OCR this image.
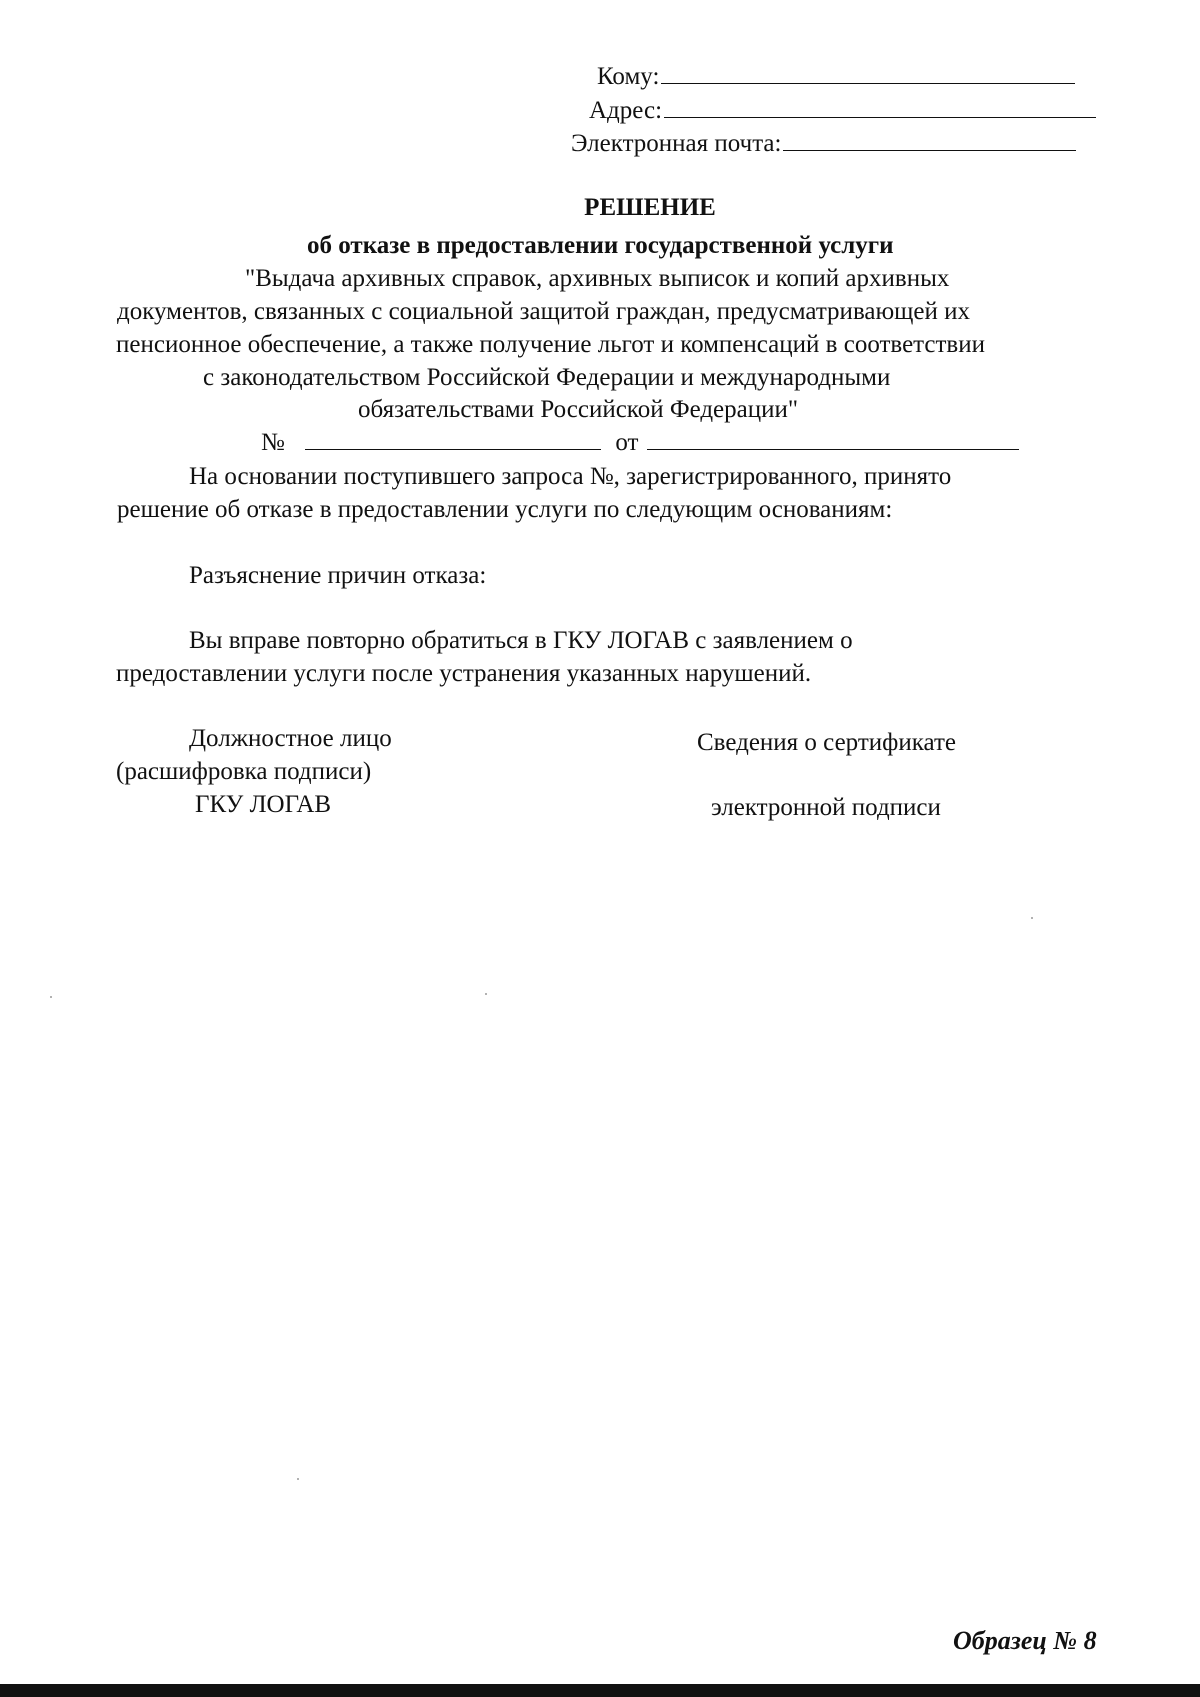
Кому:
Адрес:
Электронная почта:
РЕШЕНИЕ
об отказе в предоставлении государственной услуги
"Выдача архивных справок, архивных выписок и копий архивных
документов, связанных с социальной защитой граждан, предусматривающей их
пенсионное обеспечение, а также получение льгот и компенсаций в соответствии
с законодательством Российской Федерации и международными
обязательствами Российской Федерации"
№	от
На основании поступившего запроса №, зарегистрированного, принято
решение об отказе в предоставлении услуги по следующим основаниям:
Разъяснение причин отказа:
Вы вправе повторно обратиться в ГКУ ЛОГАВ с заявлением о
предоставлении услуги после устранения указанных нарушений.
Должностное лицо
(расшифровка подписи)
ГКУ ЛОГАВ
Сведения о сертификате
электронной подписи
Образец № 8
